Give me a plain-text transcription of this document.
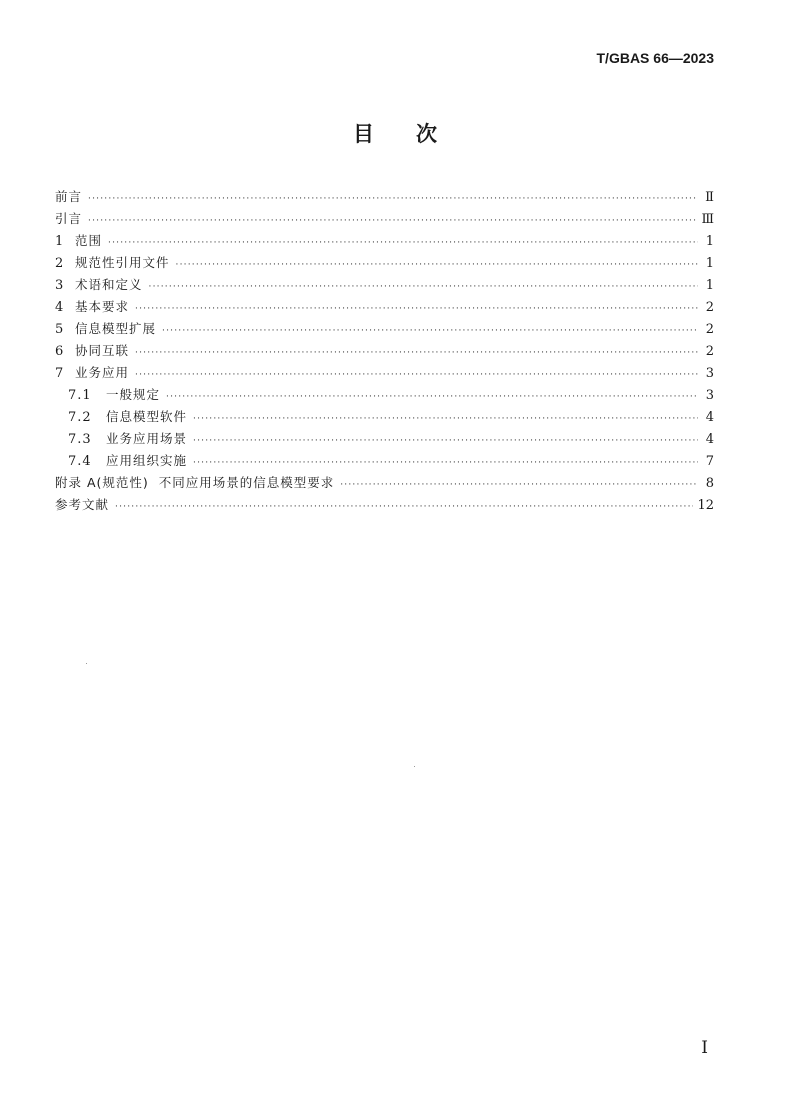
T/GBAS 66—2023
目次
前言 ·····	Ⅱ
引言 ·····	Ⅲ
1 范围 ·····	1
2 规范性引用文件 ·····	1
3 术语和定义 ·····	1
4 基本要求 ·····	2
5 信息模型扩展 ·····	2
6 协同互联 ·····	2
7 业务应用 ·····	3
7.1	一般规定 ·····	3
7.2	信息模型软件 ·····	4
7.3	业务应用场景 ·····	4
7.4	应用组织实施 ·····	7
附录 A(规范性)  不同应用场景的信息模型要求 ·····	8
参考文献 ·····	12
I
